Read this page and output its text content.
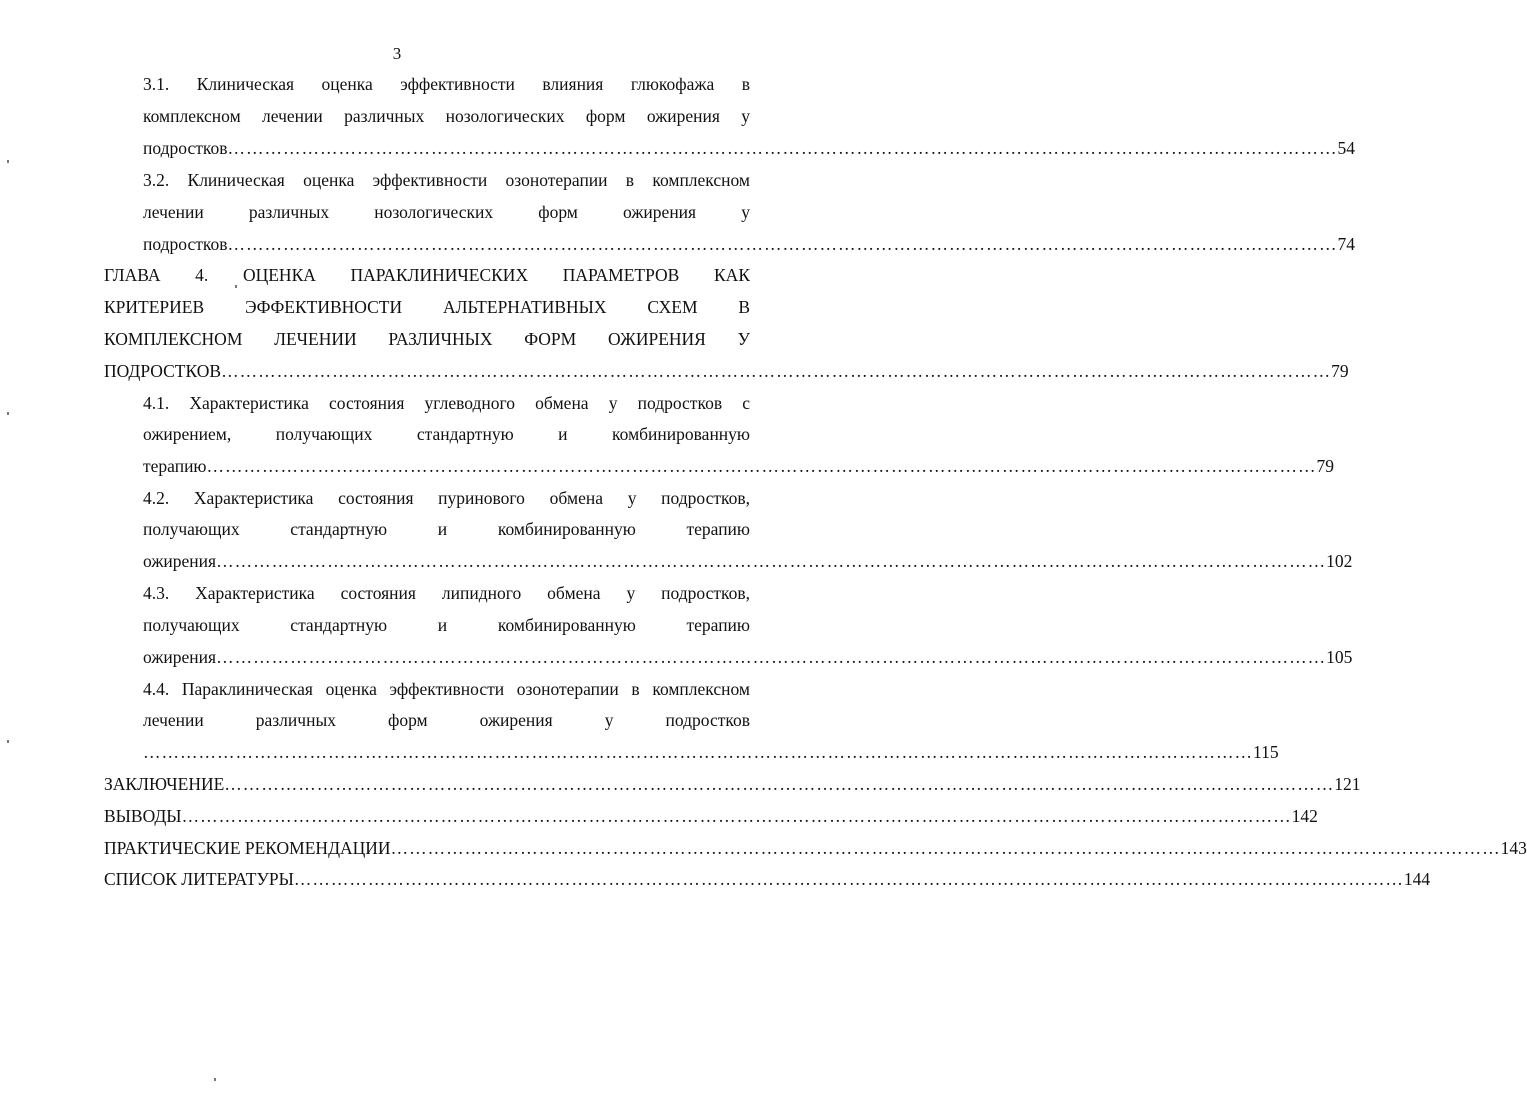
3
3.1. Клиническая оценка эффективности влияния глюкофажа в
комплексном лечении различных нозологических форм ожирения у
подростков ……………………………………………………………………………………………………………………………………………………………… 54
3.2. Клиническая оценка эффективности озонотерапии в комплексном
лечении различных нозологических форм ожирения у
подростков ……………………………………………………………………………………………………………………………………………………………… 74
ГЛАВА 4. ОЦЕНКА ПАРАКЛИНИЧЕСКИХ ПАРАМЕТРОВ КАК
КРИТЕРИЕВ ЭФФЕКТИВНОСТИ АЛЬТЕРНАТИВНЫХ СХЕМ В
КОМПЛЕКСНОМ ЛЕЧЕНИИ РАЗЛИЧНЫХ ФОРМ ОЖИРЕНИЯ У
ПОДРОСТКОВ ……………………………………………………………………………………………………………………………………………………………… 79
4.1. Характеристика состояния углеводного обмена у подростков с
ожирением, получающих стандартную и комбинированную
терапию ……………………………………………………………………………………………………………………………………………………………… 79
4.2. Характеристика состояния пуринового обмена у подростков,
получающих стандартную и комбинированную терапию
ожирения ……………………………………………………………………………………………………………………………………………………………… 102
4.3. Характеристика состояния липидного обмена у подростков,
получающих стандартную и комбинированную терапию
ожирения ……………………………………………………………………………………………………………………………………………………………… 105
4.4. Параклиническая оценка эффективности озонотерапии в комплексном
лечении различных форм ожирения у подростков
……………………………………………………………………………………………………………………………………………………………… 115
ЗАКЛЮЧЕНИЕ ……………………………………………………………………………………………………………………………………………………………… 121
ВЫВОДЫ ……………………………………………………………………………………………………………………………………………………………… 142
ПРАКТИЧЕСКИЕ РЕКОМЕНДАЦИИ ……………………………………………………………………………………………………………………………………………………………… 143
СПИСОК ЛИТЕРАТУРЫ ……………………………………………………………………………………………………………………………………………………………… 144
